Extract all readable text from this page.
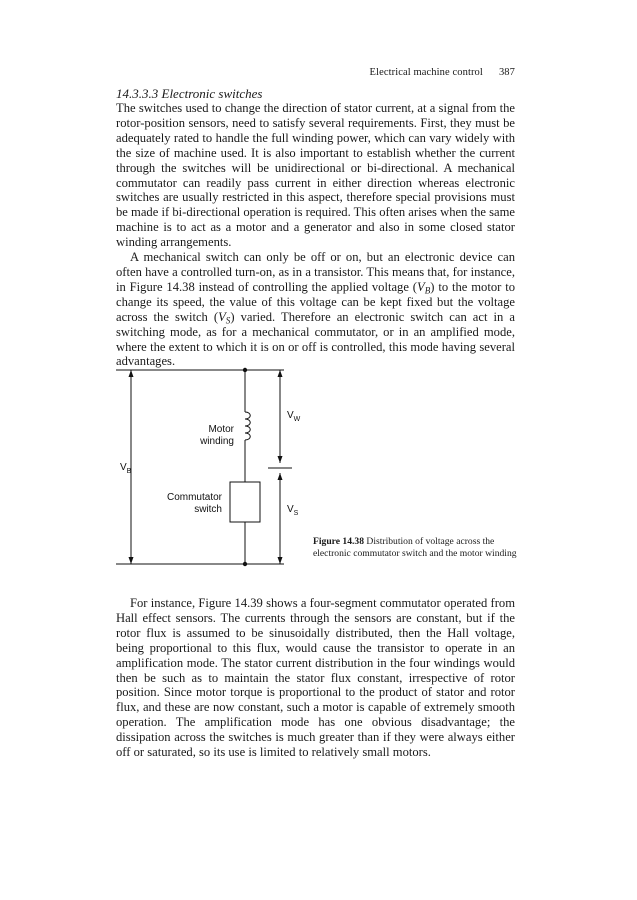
Electrical machine control 387
14.3.3.3 Electronic switches

The switches used to change the direction of stator current, at a signal from the rotor-position sensors, need to satisfy several requirements. First, they must be adequately rated to handle the full winding power, which can vary widely with the size of machine used. It is also important to establish whether the current through the switches will be unidirectional or bi-directional. A mechanical commutator can readily pass current in either direction whereas electronic switches are usually restricted in this aspect, therefore special provisions must be made if bi-directional operation is required. This often arises when the same machine is to act as a motor and a generator and also in some closed stator winding arrangements.

A mechanical switch can only be off or on, but an electronic device can often have a controlled turn-on, as in a transistor. This means that, for instance, in Figure 14.38 instead of controlling the applied voltage $(V_B)$ to the motor to change its speed, the value of this voltage can be kept fixed but the voltage across the switch $(V_S)$ varied. Therefore an electronic switch can act in a switching mode, as for a mechanical commutator, or in an amplified mode, where the extent to which it is on or off is controlled, this mode having several advantages.

Motor
winding
Commutator
switch
$V_B$
$V_W$
$V_S$
Figure 14.38 Distribution of voltage across the electronic commutator switch and the motor winding

For instance, Figure 14.39 shows a four-segment commutator operated from Hall effect sensors. The currents through the sensors are constant, but if the rotor flux is assumed to be sinusoidally distributed, then the Hall voltage, being proportional to this flux, would cause the transistor to operate in an amplification mode. The stator current distribution in the four windings would then be such as to maintain the stator flux constant, irrespective of rotor position. Since motor torque is proportional to the product of stator and rotor flux, and these are now constant, such a motor is capable of extremely smooth operation. The amplification mode has one obvious disadvantage; the dissipation across the switches is much greater than if they were always either off or saturated, so its use is limited to relatively small motors.
